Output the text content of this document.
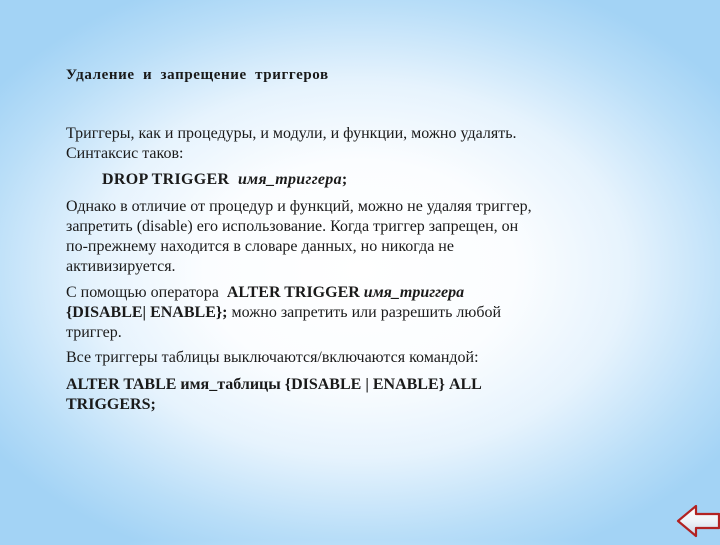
Удаление и запрещение триггеров

Триггеры, как и процедуры, и модули, и функции, можно удалять.
Синтаксис таков:

DROP TRIGGER имя_триггера;

Однако в отличие от процедур и функций, можно не удаляя триггер,
запретить (disable) его использование. Когда триггер запрещен, он
по-прежнему находится в словаре данных, но никогда не
активизируется.

С помощью оператора ALTER TRIGGER имя_триггера
{DISABLE| ENABLE}; можно запретить или разрешить любой
триггер.

Все триггеры таблицы выключаются/включаются командой:

ALTER TABLE имя_таблицы {DISABLE | ENABLE} ALL
TRIGGERS;
